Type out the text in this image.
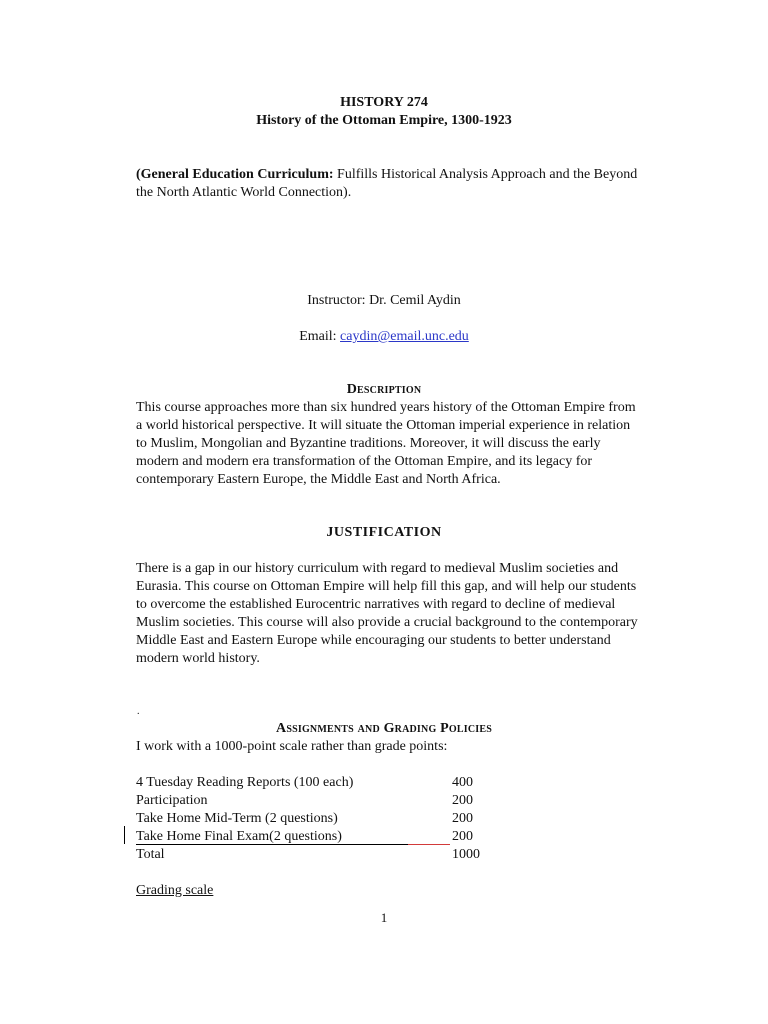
HISTORY 274
History of the Ottoman Empire, 1300-1923
(General Education Curriculum: Fulfills Historical Analysis Approach and the Beyond
the North Atlantic World Connection).
Instructor: Dr. Cemil Aydin
Email: caydin@email.unc.edu
Description
This course approaches more than six hundred years history of the Ottoman Empire from
a world historical perspective. It will situate the Ottoman imperial experience in relation
to Muslim, Mongolian and Byzantine traditions. Moreover, it will discuss the early
modern and modern era transformation of the Ottoman Empire, and its legacy for
contemporary Eastern Europe, the Middle East and North Africa.
JUSTIFICATION
There is a gap in our history curriculum with regard to medieval Muslim societies and
Eurasia. This course on Ottoman Empire will help fill this gap, and will help our students
to overcome the established Eurocentric narratives with regard to decline of medieval
Muslim societies. This course will also provide a crucial background to the contemporary
Middle East and Eastern Europe while encouraging our students to better understand
modern world history.
.
Assignments and Grading Policies
I work with a 1000-point scale rather than grade points:
4 Tuesday Reading Reports (100 each)	400
Participation	200
Take Home Mid-Term (2 questions)	200
Take Home Final Exam(2 questions)	200
Total	1000
Grading scale
1
